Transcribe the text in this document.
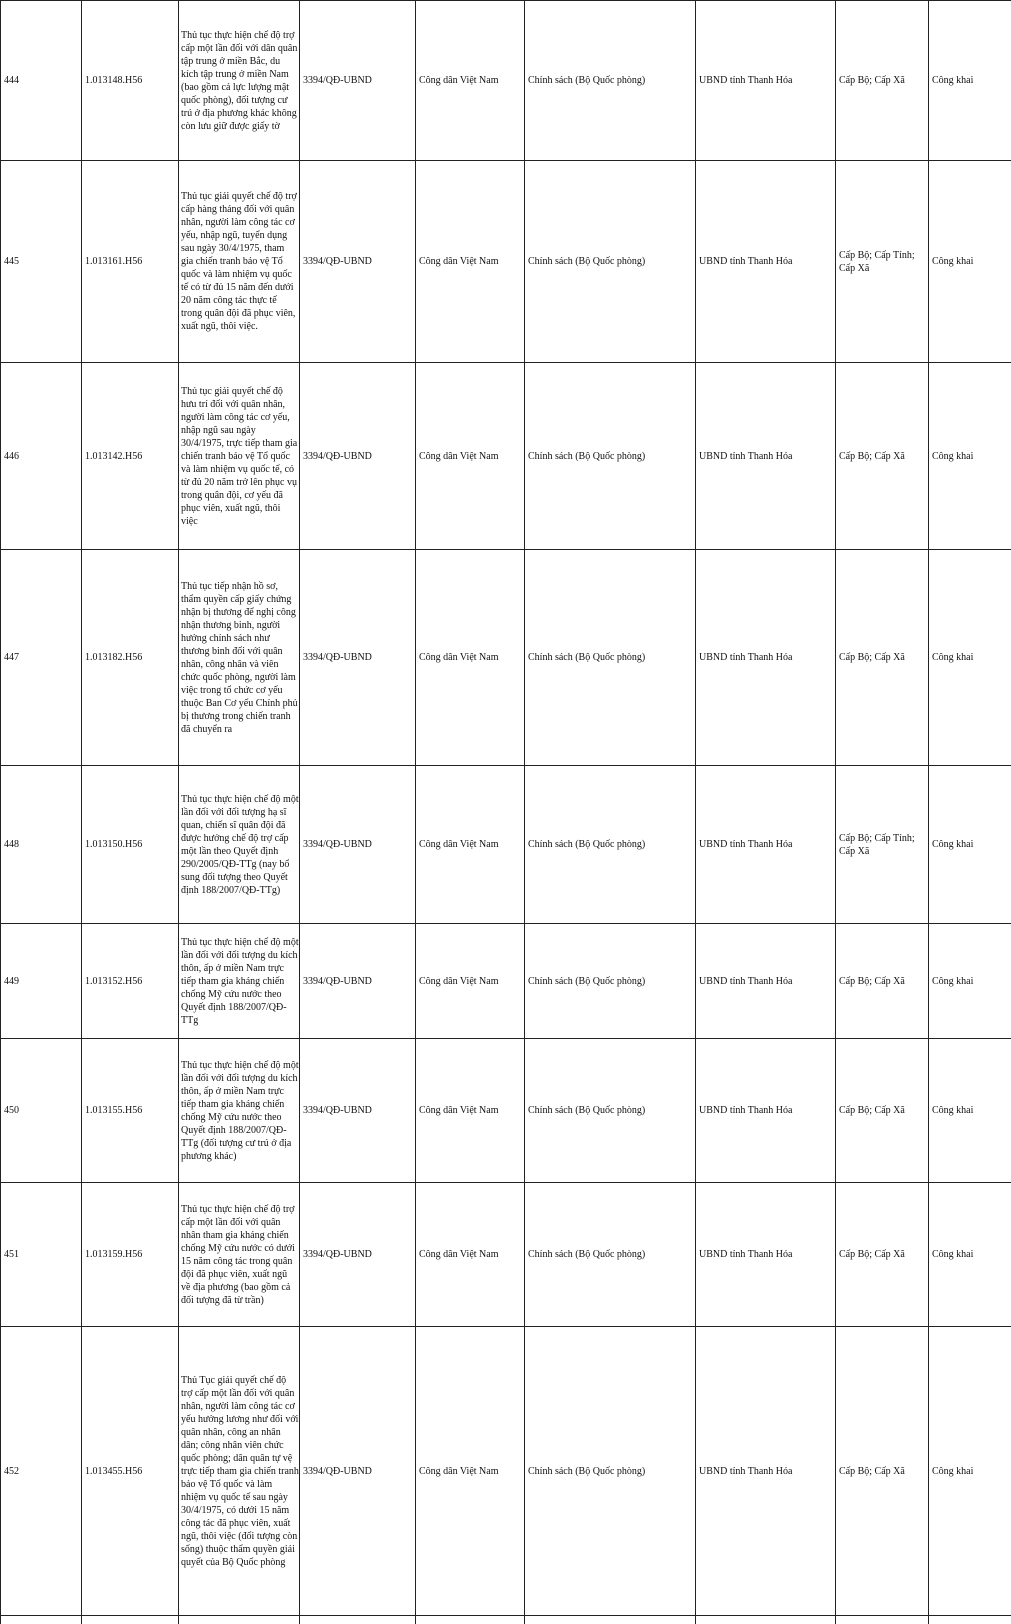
444	1.013148.H56	Thủ tục thực hiện chế độ trợ cấp một lần đối với dân quân tập trung ở miền Bắc, du kích tập trung ở miền Nam (bao gồm cả lực lượng mật quốc phòng), đối tượng cư trú ở địa phương khác không còn lưu giữ được giấy tờ	3394/QĐ-UBND	Công dân Việt Nam	Chính sách (Bộ Quốc phòng)	UBND tỉnh Thanh Hóa	Cấp Bộ; Cấp Xã	Công khai
445	1.013161.H56	Thủ tục giải quyết chế độ trợ cấp hàng tháng đối với quân nhân, người làm công tác cơ yếu, nhập ngũ, tuyển dụng sau ngày 30/4/1975, tham gia chiến tranh bảo vệ Tổ quốc và làm nhiệm vụ quốc tế có từ đủ 15 năm đến dưới 20 năm công tác thực tế trong quân đội đã phục viên, xuất ngũ, thôi việc.	3394/QĐ-UBND	Công dân Việt Nam	Chính sách (Bộ Quốc phòng)	UBND tỉnh Thanh Hóa	Cấp Bộ; Cấp Tỉnh; Cấp Xã	Công khai
446	1.013142.H56	Thủ tục giải quyết chế độ hưu trí đối với quân nhân, người làm công tác cơ yếu, nhập ngũ sau ngày 30/4/1975, trực tiếp tham gia chiến tranh bảo vệ Tổ quốc và làm nhiệm vụ quốc tế, có từ đủ 20 năm trở lên phục vụ trong quân đội, cơ yếu đã phục viên, xuất ngũ, thôi việc	3394/QĐ-UBND	Công dân Việt Nam	Chính sách (Bộ Quốc phòng)	UBND tỉnh Thanh Hóa	Cấp Bộ; Cấp Xã	Công khai
447	1.013182.H56	Thủ tục tiếp nhận hồ sơ, thẩm quyền cấp giấy chứng nhận bị thương để nghị công nhận thương binh, người hưởng chính sách như thương binh đối với quân nhân, công nhân và viên chức quốc phòng, người làm việc trong tổ chức cơ yếu thuộc Ban Cơ yếu Chính phủ bị thương trong chiến tranh đã chuyển ra	3394/QĐ-UBND	Công dân Việt Nam	Chính sách (Bộ Quốc phòng)	UBND tỉnh Thanh Hóa	Cấp Bộ; Cấp Xã	Công khai
448	1.013150.H56	Thủ tục thực hiện chế độ một lần đối với đối tượng hạ sĩ quan, chiến sĩ quân đội đã được hưởng chế độ trợ cấp một lần theo Quyết định 290/2005/QĐ-TTg (nay bổ sung đối tượng theo Quyết định 188/2007/QĐ-TTg)	3394/QĐ-UBND	Công dân Việt Nam	Chính sách (Bộ Quốc phòng)	UBND tỉnh Thanh Hóa	Cấp Bộ; Cấp Tỉnh; Cấp Xã	Công khai
449	1.013152.H56	Thủ tục thực hiện chế độ một lần đối với đối tượng du kích thôn, ấp ở miền Nam trực tiếp tham gia kháng chiến chống Mỹ cứu nước theo Quyết định 188/2007/QĐ-TTg	3394/QĐ-UBND	Công dân Việt Nam	Chính sách (Bộ Quốc phòng)	UBND tỉnh Thanh Hóa	Cấp Bộ; Cấp Xã	Công khai
450	1.013155.H56	Thủ tục thực hiện chế độ một lần đối với đối tượng du kích thôn, ấp ở miền Nam trực tiếp tham gia kháng chiến chống Mỹ cứu nước theo Quyết định 188/2007/QĐ-TTg (đối tượng cư trú ở địa phương khác)	3394/QĐ-UBND	Công dân Việt Nam	Chính sách (Bộ Quốc phòng)	UBND tỉnh Thanh Hóa	Cấp Bộ; Cấp Xã	Công khai
451	1.013159.H56	Thủ tục thực hiện chế độ trợ cấp một lần đối với quân nhân tham gia kháng chiến chống Mỹ cứu nước có dưới 15 năm công tác trong quân đội đã phục viên, xuất ngũ về địa phương (bao gồm cả đối tượng đã từ trần)	3394/QĐ-UBND	Công dân Việt Nam	Chính sách (Bộ Quốc phòng)	UBND tỉnh Thanh Hóa	Cấp Bộ; Cấp Xã	Công khai
452	1.013455.H56	Thủ Tục giải quyết chế độ trợ cấp một lần đối với quân nhân, người làm công tác cơ yếu hưởng lương như đối với quân nhân, công an nhân dân; công nhân viên chức quốc phòng; dân quân tự vệ trực tiếp tham gia chiến tranh bảo vệ Tổ quốc và làm nhiệm vụ quốc tế sau ngày 30/4/1975, có dưới 15 năm công tác đã phục viên, xuất ngũ, thôi việc (đối tượng còn sống) thuộc thẩm quyền giải quyết của Bộ Quốc phòng	3394/QĐ-UBND	Công dân Việt Nam	Chính sách (Bộ Quốc phòng)	UBND tỉnh Thanh Hóa	Cấp Bộ; Cấp Xã	Công khai
